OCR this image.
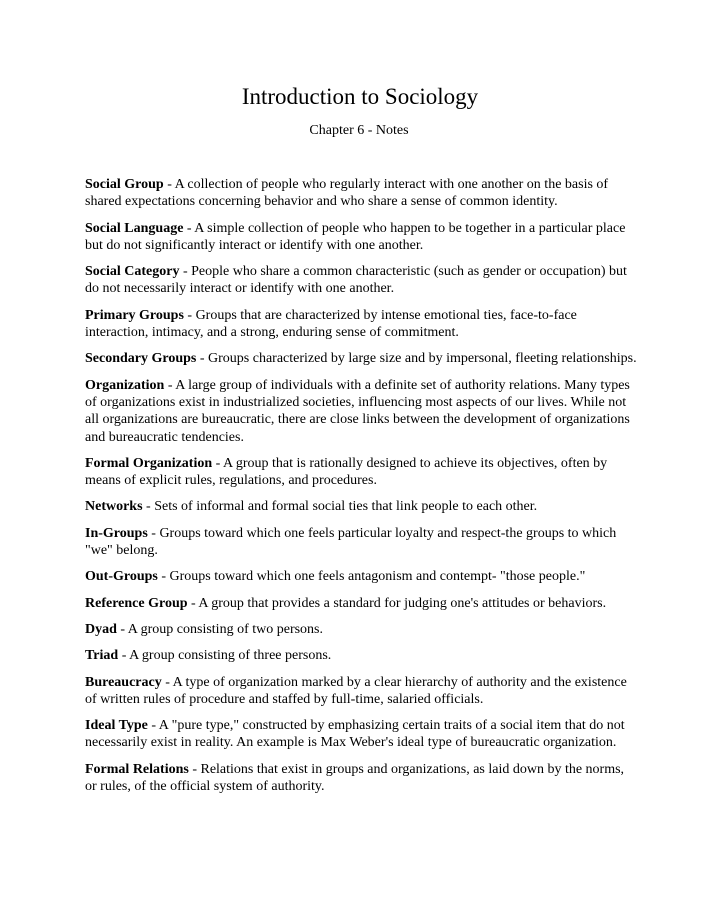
Introduction to Sociology
Chapter 6 - Notes

Social Group - A collection of people who regularly interact with one another on the basis of shared expectations concerning behavior and who share a sense of common identity.

Social Language - A simple collection of people who happen to be together in a particular place but do not significantly interact or identify with one another.

Social Category - People who share a common characteristic (such as gender or occupation) but do not necessarily interact or identify with one another.

Primary Groups - Groups that are characterized by intense emotional ties, face-to-face interaction, intimacy, and a strong, enduring sense of commitment.

Secondary Groups - Groups characterized by large size and by impersonal, fleeting relationships.

Organization - A large group of individuals with a definite set of authority relations. Many types of organizations exist in industrialized societies, influencing most aspects of our lives. While not all organizations are bureaucratic, there are close links between the development of organizations and bureaucratic tendencies.

Formal Organization - A group that is rationally designed to achieve its objectives, often by means of explicit rules, regulations, and procedures.

Networks - Sets of informal and formal social ties that link people to each other.

In-Groups - Groups toward which one feels particular loyalty and respect-the groups to which "we" belong.

Out-Groups - Groups toward which one feels antagonism and contempt- "those people."

Reference Group - A group that provides a standard for judging one's attitudes or behaviors.

Dyad - A group consisting of two persons.

Triad - A group consisting of three persons.

Bureaucracy - A type of organization marked by a clear hierarchy of authority and the existence of written rules of procedure and staffed by full-time, salaried officials.

Ideal Type - A "pure type," constructed by emphasizing certain traits of a social item that do not necessarily exist in reality. An example is Max Weber's ideal type of bureaucratic organization.

Formal Relations - Relations that exist in groups and organizations, as laid down by the norms, or rules, of the official system of authority.
